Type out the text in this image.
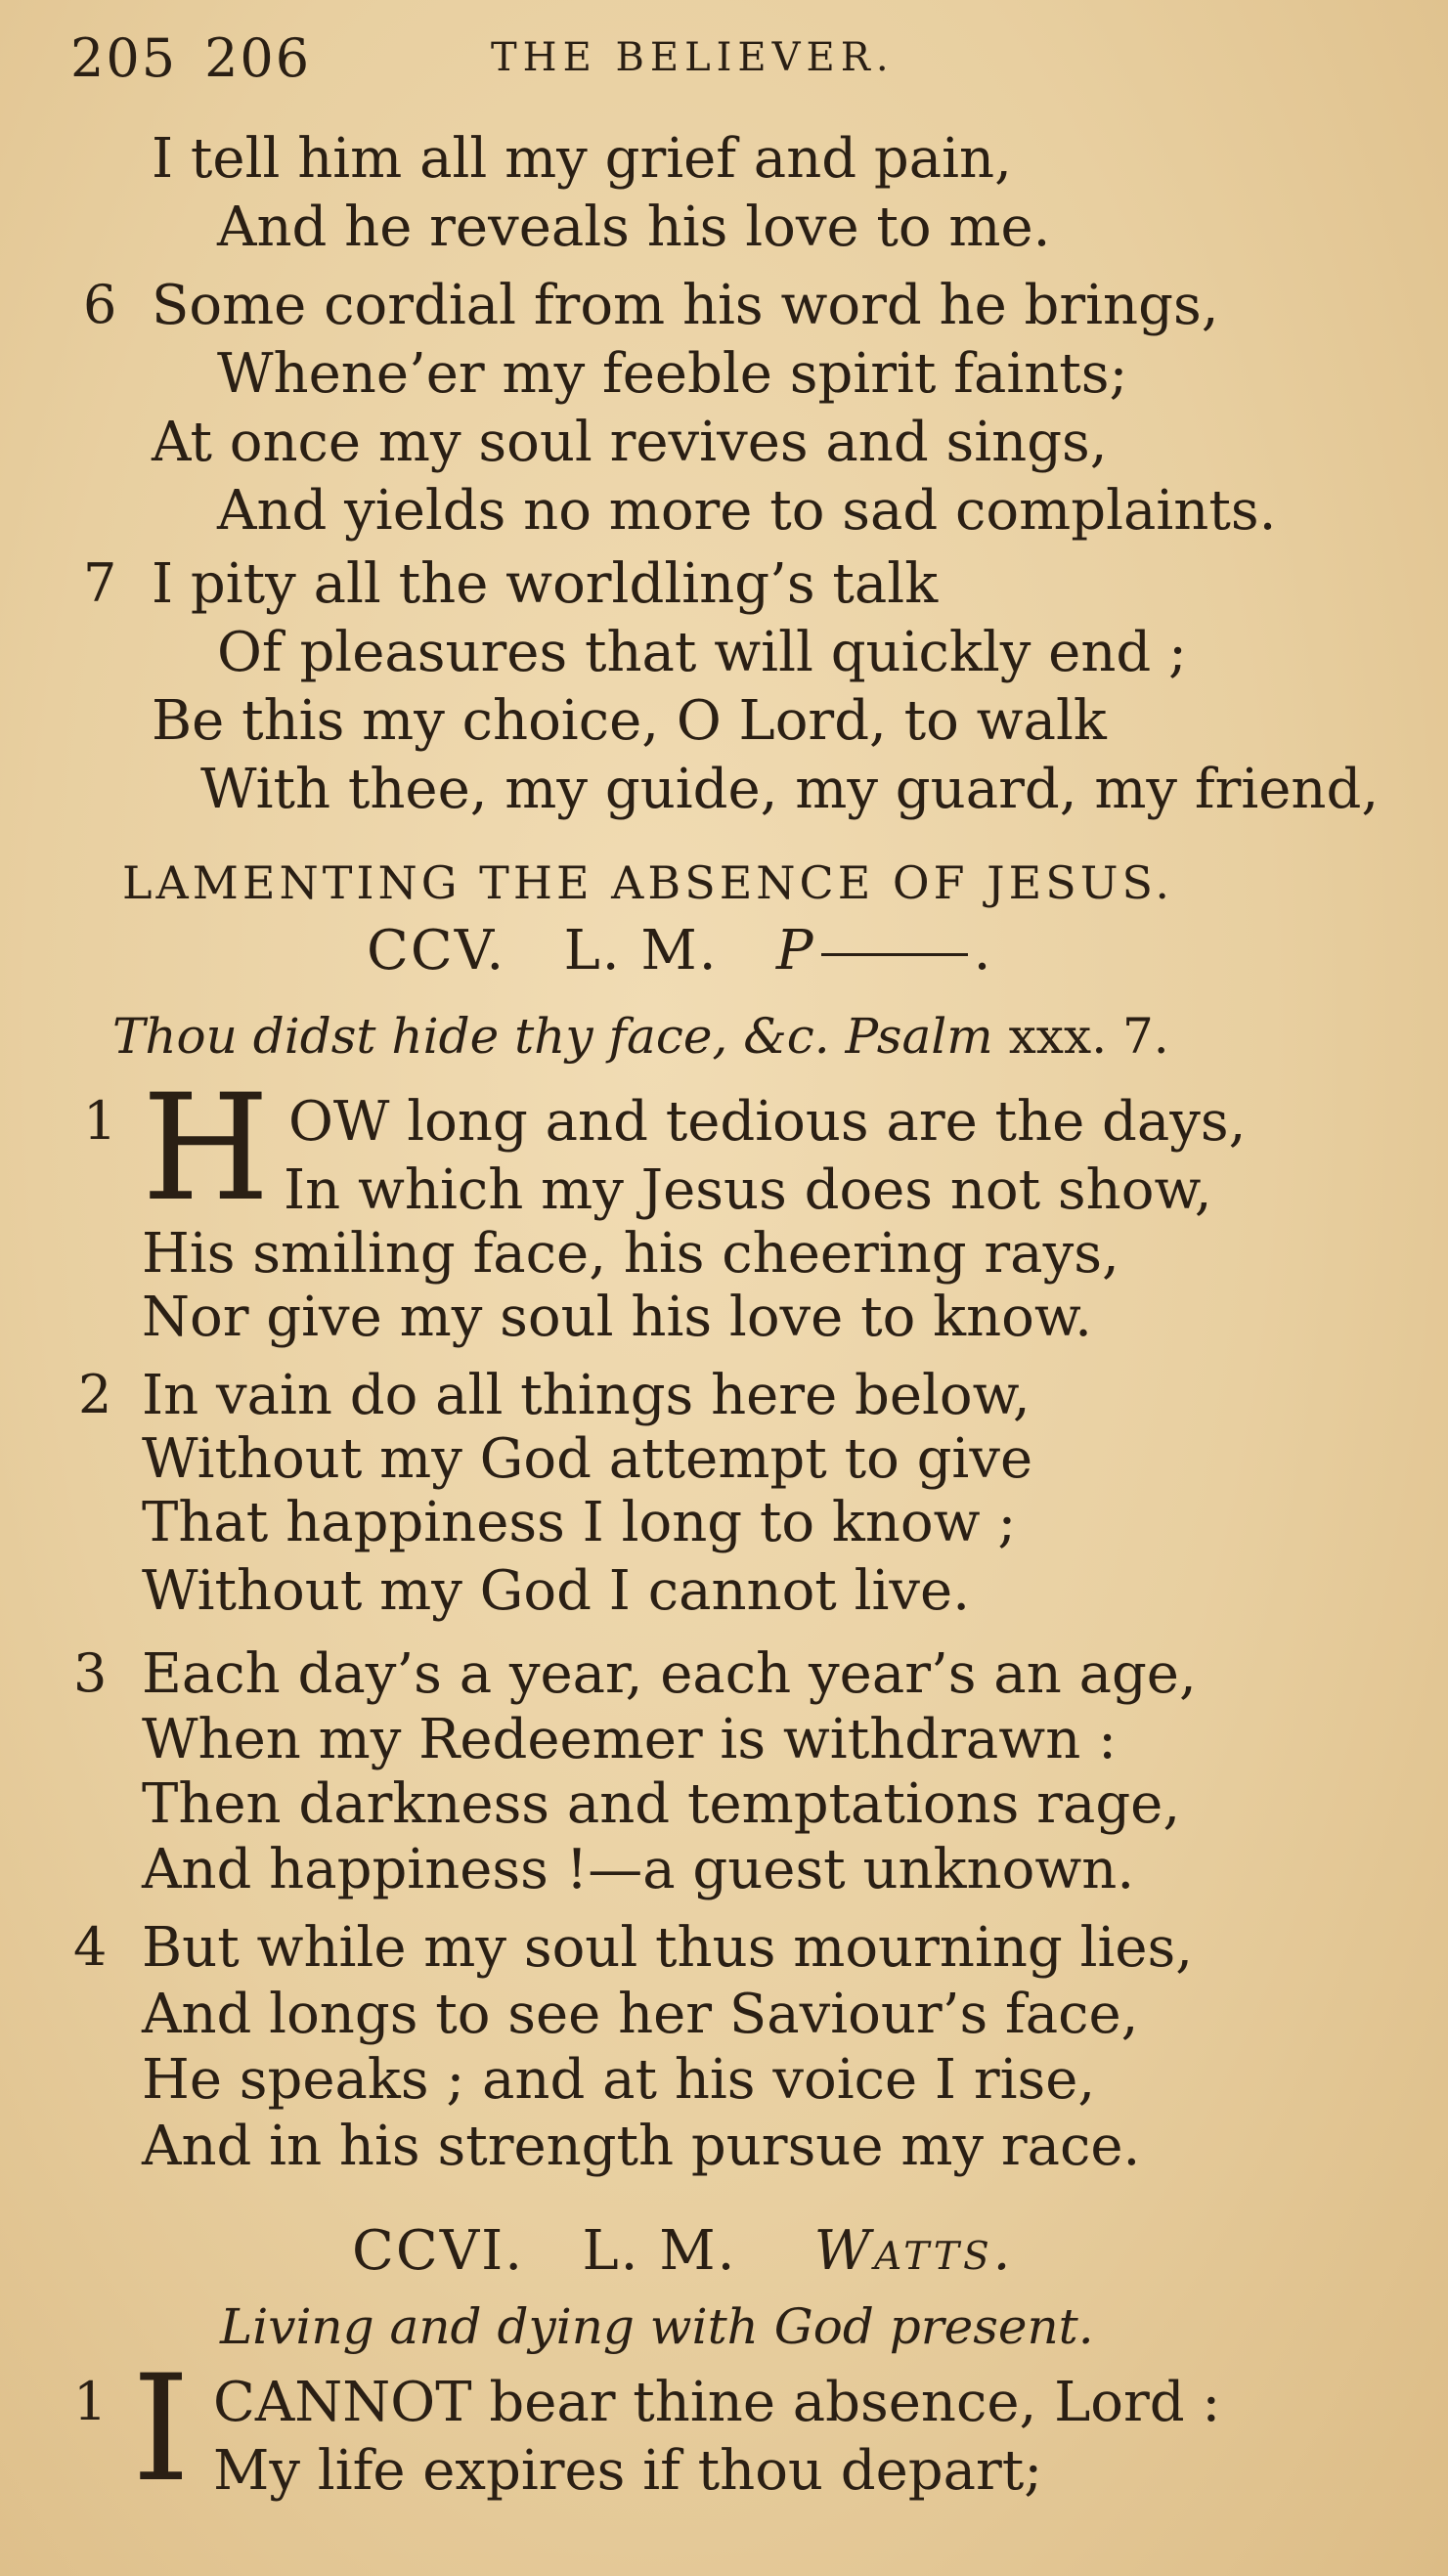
205 206	THE BELIEVER.
I tell him all my grief and pain,
And he reveals his love to me.
6 Some cordial from his word he brings,
Whene’er my feeble spirit faints;
At once my soul revives and sings,
And yields no more to sad complaints.
7 I pity all the worldling’s talk
Of pleasures that will quickly end ;
Be this my choice, O Lord, to walk
With thee, my guide, my guard, my friend,
LAMENTING THE ABSENCE OF JESUS.
CCV. L. M. P	.
Thou didst hide thy face, &c. Psalm xxx. 7.
1 H OW long and tedious are the days,
In which my Jesus does not show,
His smiling face, his cheering rays,
Nor give my soul his love to know.
2 In vain do all things here below,
Without my God attempt to give
That happiness I long to know ;
Without my God I cannot live.
3 Each day’s a year, each year’s an age,
When my Redeemer is withdrawn :
Then darkness and temptations rage,
And happiness !—a guest unknown.
4 But while my soul thus mourning lies,
And longs to see her Saviour’s face,
He speaks ; and at his voice I rise,
And in his strength pursue my race.
CCVI. L. M. Watts.
Living and dying with God present.
1 I CANNOT bear thine absence, Lord :
My life expires if thou depart;
